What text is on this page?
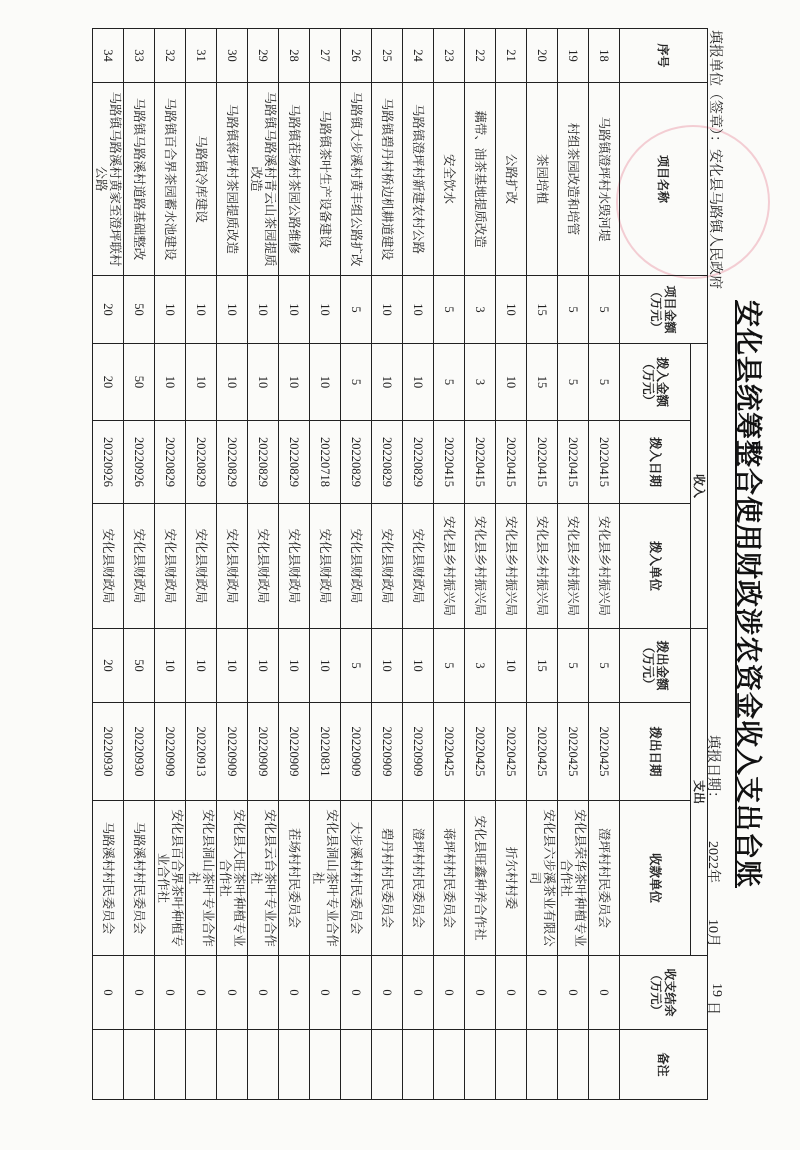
安化县统筹整合使用财政涉农资金收入支出台账
填报单位（签章）：安化县马路镇人民政府
填报日期：
2022年
10月
19
日
序号	项目名称	项目金额（万元）	收入			支出			收支结余（万元）	备注
			拨入金额（万元）	拨入日期	拨入单位	拨出金额（万元）	拨出日期	收款单位		
18	马路镇澄坪村水毁河堤	5	5	20220415	安化县乡村振兴局	5	20220425	澄坪村村民委员会	0	
19	村组茶园改造和培管	5	5	20220415	安化县乡村振兴局	5	20220425	安化县荣华茶叶种植专业合作社	0	
20	茶园培植	15	15	20220415	安化县乡村振兴局	15	20220425	安化县六步溪茶业有限公司	0	
21	公路扩改	10	10	20220415	安化县乡村振兴局	10	20220425	折尔村村委	0	
22	藕带、油茶基地提质改造	3	3	20220415	安化县乡村振兴局	3	20220425	安化县旺鑫种养合作社	0	
23	安全饮水	5	5	20220415	安化县乡村振兴局	5	20220425	蒋坪村村民委员会	0	
24	马路镇澄坪村新建农村公路	10	10	20220829	安化县财政局	10	20220909	澄坪村村民委员会	0	
25	马路镇碧丹村桥边机耕道建设	10	10	20220829	安化县财政局	10	20220909	碧丹村村民委员会	0	
26	马路镇大步溪村黄丰组公路扩改	5	5	20220829	安化县财政局	5	20220909	大步溪村村民委员会	0	
27	马路镇茶叶生产设备建设	10	10	20220718	安化县财政局	10	20220831	安化县洞山茶叶专业合作社	0	
28	马路镇茬场村茶园公路维修	10	10	20220829	安化县财政局	10	20220909	茬场村村民委员会	0	
29	马路镇马路溪村青云山茶园提质改造	10	10	20220829	安化县财政局	10	20220909	安化县云台茶叶专业合作社	0	
30	马路镇蒋坪村茶园提质改造	10	10	20220829	安化县财政局	10	20220909	安化县大旺茶叶种植专业合作社	0	
31	马路镇冷库建设	10	10	20220829	安化县财政局	10	20220913	安化县洞山茶叶专业合作社	0	
32	马路镇百合界茶园蓄水池建设	10	10	20220829	安化县财政局	10	20220909	安化县百合界茶叶种植专业合作社	0	
33	马路镇马路溪村道路基础整改	50	50	20220926	安化县财政局	50	20220930	马路溪村村民委员会	0	
34	马路镇马路溪村黄家至澄坪联村公路	20	20	20220926	安化县财政局	20	20220930	马路溪村村民委员会	0	
